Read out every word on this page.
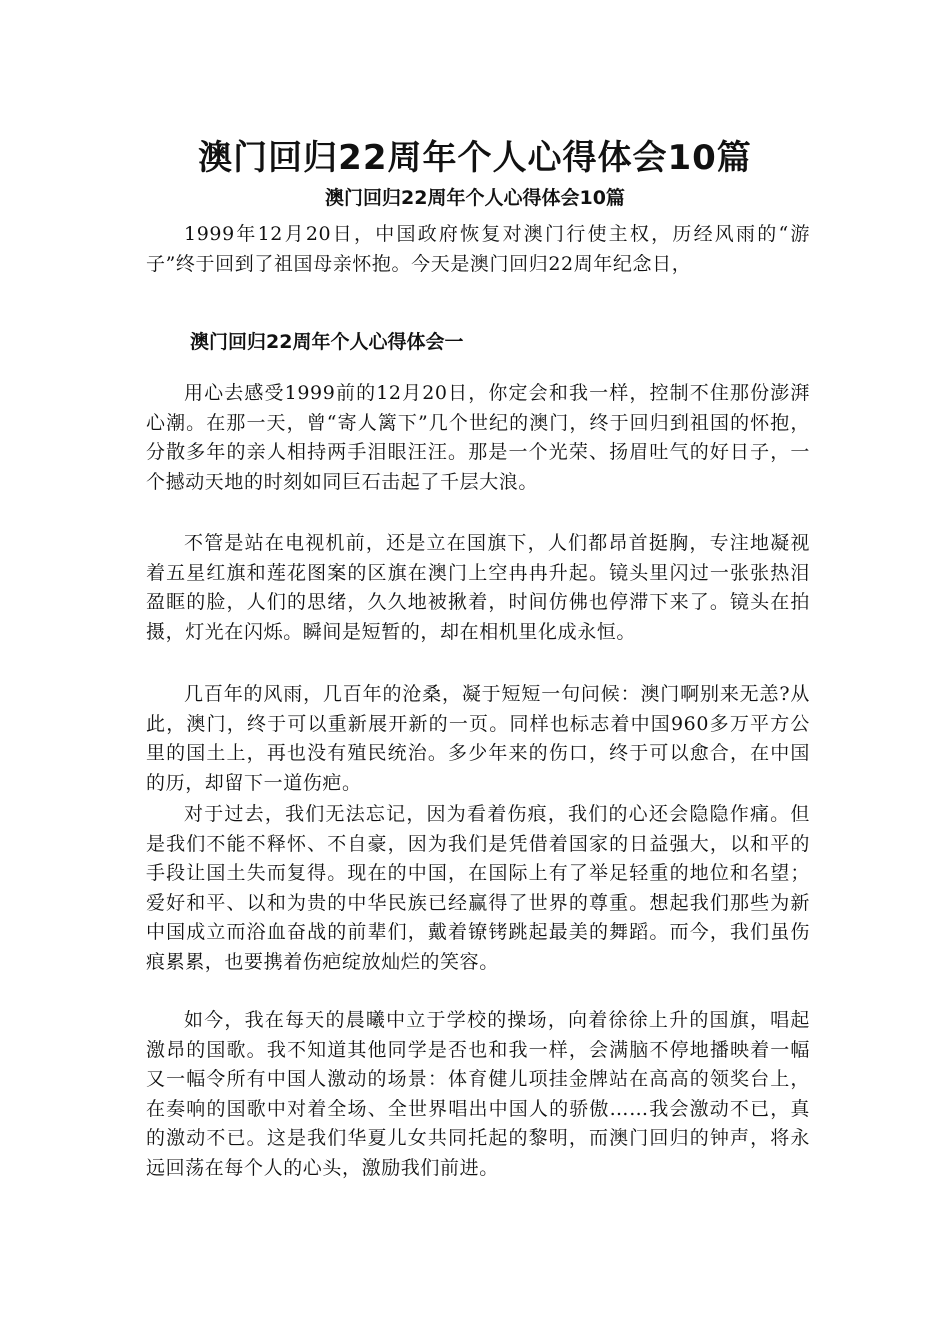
澳门回归22周年个人心得体会10篇
澳门回归22周年个人心得体会10篇

1999年12月20日，中国政府恢复对澳门行使主权，历经风雨的“游子”终于回到了祖国母亲怀抱。今天是澳门回归22周年纪念日，

澳门回归22周年个人心得体会一

用心去感受1999前的12月20日，你定会和我一样，控制不住那份澎湃心潮。在那一天，曾“寄人篱下”几个世纪的澳门，终于回归到祖国的怀抱，分散多年的亲人相持两手泪眼汪汪。那是一个光荣、扬眉吐气的好日子，一个撼动天地的时刻如同巨石击起了千层大浪。

不管是站在电视机前，还是立在国旗下，人们都昂首挺胸，专注地凝视着五星红旗和莲花图案的区旗在澳门上空冉冉升起。镜头里闪过一张张热泪盈眶的脸，人们的思绪，久久地被揪着，时间仿佛也停滞下来了。镜头在拍摄，灯光在闪烁。瞬间是短暂的，却在相机里化成永恒。

几百年的风雨，几百年的沧桑，凝于短短一句问候：澳门啊别来无恙?从此，澳门，终于可以重新展开新的一页。同样也标志着中国960多万平方公里的国土上，再也没有殖民统治。多少年来的伤口，终于可以愈合，在中国的历，却留下一道伤疤。

对于过去，我们无法忘记，因为看着伤痕，我们的心还会隐隐作痛。但是我们不能不释怀、不自豪，因为我们是凭借着国家的日益强大，以和平的手段让国土失而复得。现在的中国，在国际上有了举足轻重的地位和名望；爱好和平、以和为贵的中华民族已经赢得了世界的尊重。想起我们那些为新中国成立而浴血奋战的前辈们，戴着镣铐跳起最美的舞蹈。而今，我们虽伤痕累累，也要携着伤疤绽放灿烂的笑容。

如今，我在每天的晨曦中立于学校的操场，向着徐徐上升的国旗，唱起激昂的国歌。我不知道其他同学是否也和我一样，会满脑不停地播映着一幅又一幅令所有中国人激动的场景：体育健儿项挂金牌站在高高的领奖台上，在奏响的国歌中对着全场、全世界唱出中国人的骄傲……我会激动不已，真的激动不已。这是我们华夏儿女共同托起的黎明，而澳门回归的钟声，将永远回荡在每个人的心头，激励我们前进。
